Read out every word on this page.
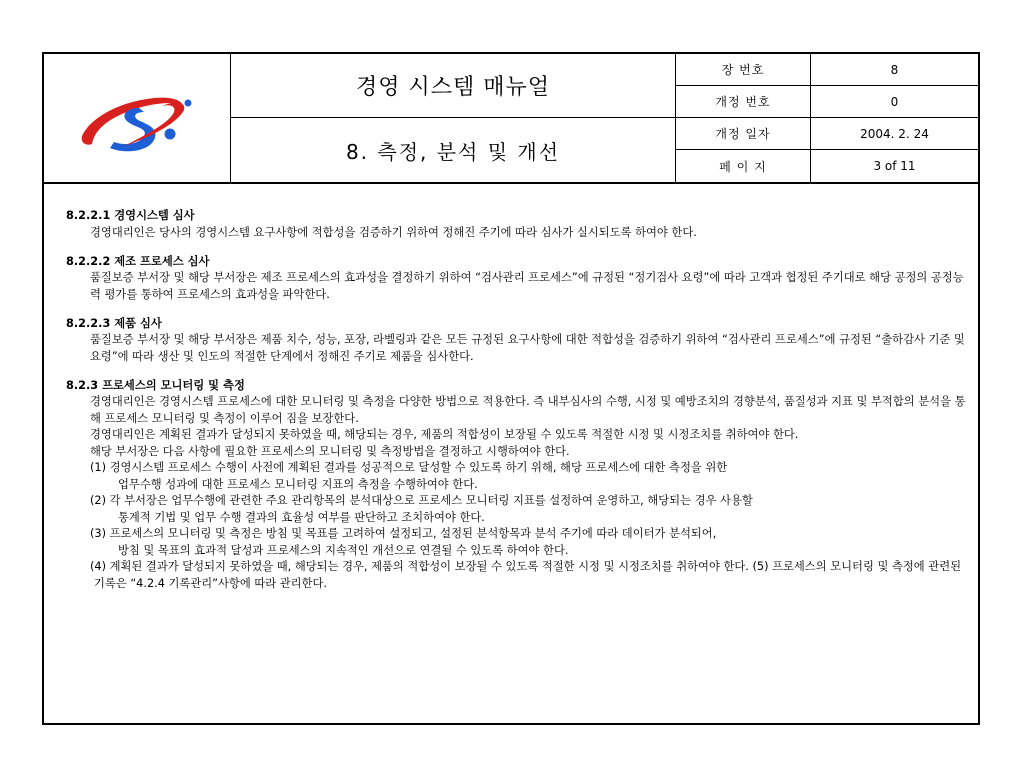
경영 시스템 매뉴얼
8. 측정, 분석 및 개선
장 번호	8
개정 번호	0
개정 일자	2004. 2. 24
페 이 지	3 of 11

8.2.2.1 경영시스템 심사

경영대리인은 당사의 경영시스템 요구사항에 적합성을 검증하기 위하여 정해진 주기에 따라 심사가 실시되도록 하여야 한다.

8.2.2.2 제조 프로세스 심사

품질보증 부서장 및 해당 부서장은 제조 프로세스의 효과성을 결정하기 위하여 “검사관리 프로세스”에 규정된 “정기검사 요령”에 따라 고객과 협정된 주기대로 해당 공정의 공정능력 평가를 통하여 프로세스의 효과성을 파악한다.

8.2.2.3 제품 심사

품질보증 부서장 및 해당 부서장은 제품 치수, 성능, 포장, 라벨링과 같은 모든 규정된 요구사항에 대한 적합성을 검증하기 위하여 “검사관리 프로세스”에 규정된 “출하감사 기준 및 요령”에 따라 생산 및 인도의 적절한 단계에서 정해진 주기로 제품을 심사한다.

8.2.3 프로세스의 모니터링 및 측정

경영대리인은 경영시스템 프로세스에 대한 모니터링 및 측정을 다양한 방법으로 적용한다. 즉 내부심사의 수행, 시정 및 예방조치의 경향분석, 품질성과 지표 및 부적합의 분석을 통해 프로세스 모니터링 및 측정이 이루어 짐을 보장한다.

경영대리인은 계획된 결과가 달성되지 못하였을 때, 해당되는 경우, 제품의 적합성이 보장될 수 있도록 적절한 시정 및 시정조치를 취하여야 한다.

해당 부서장은 다음 사항에 필요한 프로세스의 모니터링 및 측정방법을 결정하고 시행하여야 한다.

(1) 경영시스템 프로세스 수행이 사전에 계획된 결과를 성공적으로 달성할 수 있도록 하기 위해, 해당 프로세스에 대한 측정을 위한

업무수행 성과에 대한 프로세스 모니터링 지표의 측정을 수행하여야 한다.

(2) 각 부서장은 업무수행에 관련한 주요 관리항목의 분석대상으로 프로세스 모니터링 지표를 설정하여 운영하고, 해당되는 경우 사용할

통계적 기법 및 업무 수행 결과의 효율성 여부를 판단하고 조치하여야 한다.

(3) 프로세스의 모니터링 및 측정은 방침 및 목표를 고려하여 설정되고, 설정된 분석항목과 분석 주기에 따라 데이터가 분석되어,

방침 및 목표의 효과적 달성과 프로세스의 지속적인 개선으로 연결될 수 있도록 하여야 한다.

(4) 계획된 결과가 달성되지 못하였을 때, 해당되는 경우, 제품의 적합성이 보장될 수 있도록 적절한 시정 및 시정조치를 취하여야 한다. (5) 프로세스의 모니터링 및 측정에 관련된 기록은 “4.2.4 기록관리”사항에 따라 관리한다.
